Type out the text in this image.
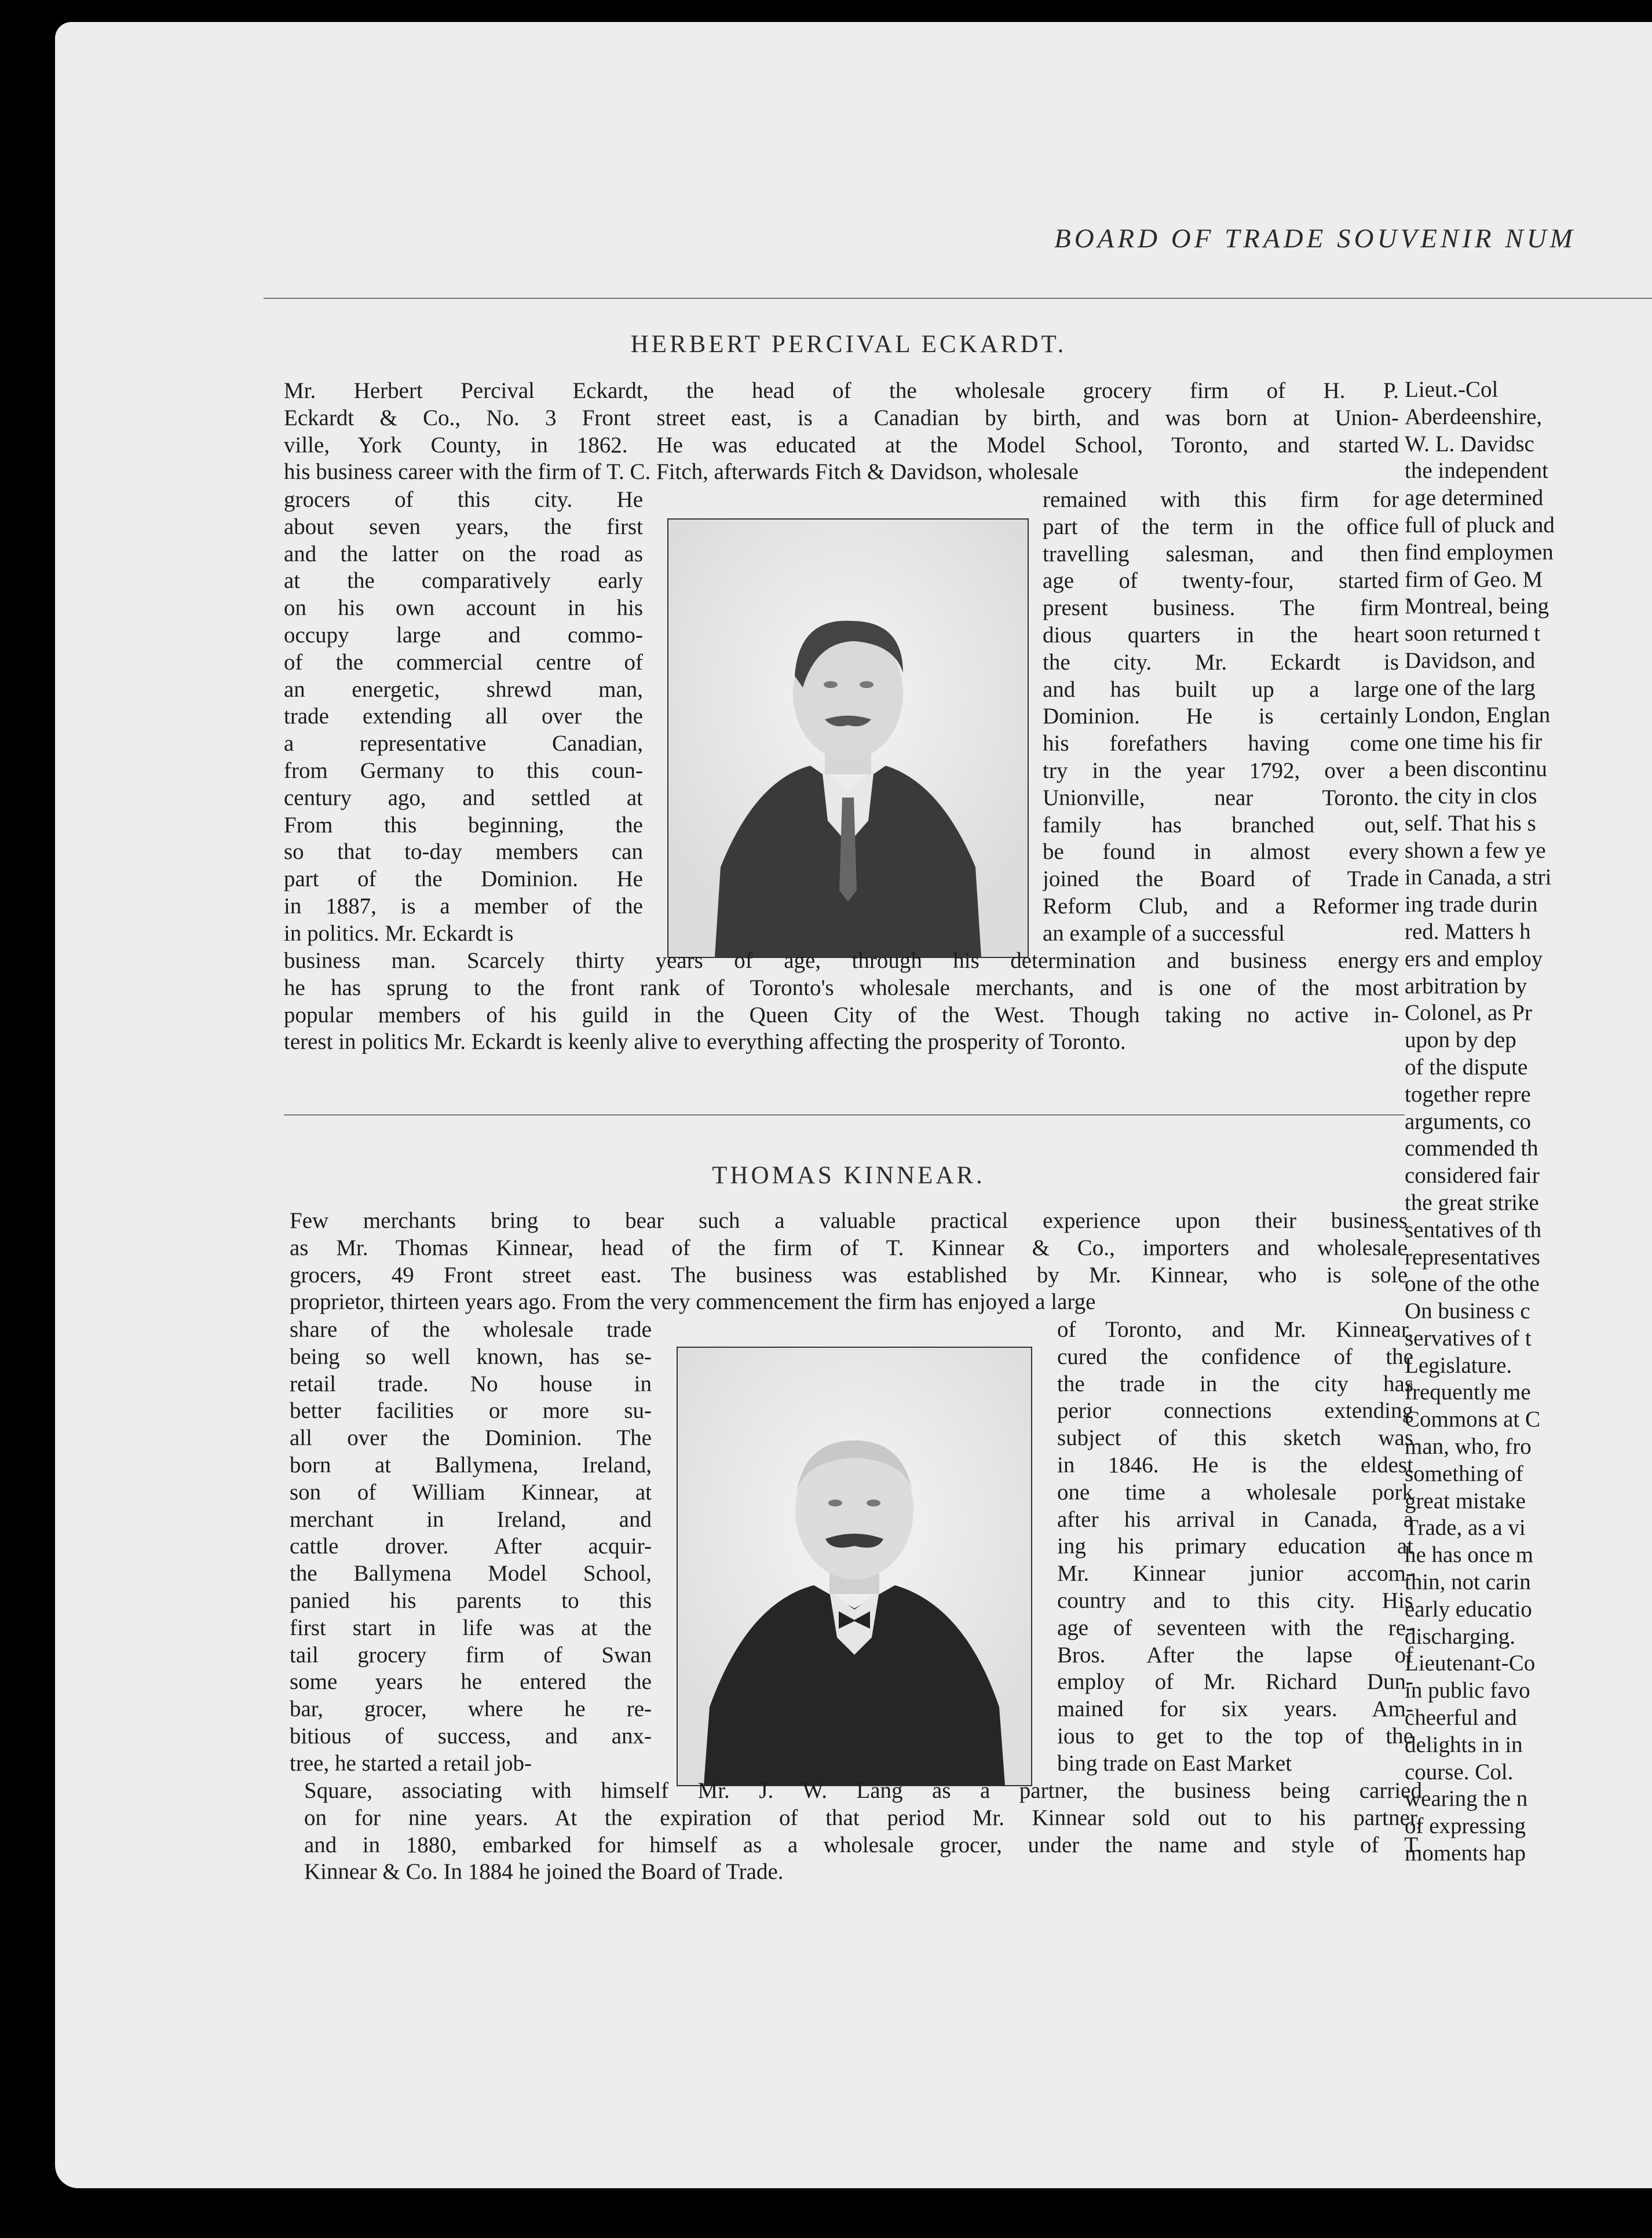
BOARD OF TRADE SOUVENIR NUM
HERBERT PERCIVAL ECKARDT.
Mr. Herbert Percival Eckardt, the head of the wholesale grocery firm of H. P.
Eckardt & Co., No. 3 Front street east, is a Canadian by birth, and was born at Union-
ville, York County, in 1862. He was educated at the Model School, Toronto, and started
his business career with the firm of T. C. Fitch, afterwards Fitch & Davidson, wholesale
grocers of this city. He
about seven years, the first
and the latter on the road as
at the comparatively early
on his own account in his
occupy large and commo-
of the commercial centre of
an energetic, shrewd man,
trade extending all over the
a representative Canadian,
from Germany to this coun-
century ago, and settled at
From this beginning, the
so that to-day members can
part of the Dominion. He
in 1887, is a member of the
in politics. Mr. Eckardt is
remained with this firm for
part of the term in the office
travelling salesman, and then
age of twenty-four, started
present business. The firm
dious quarters in the heart
the city. Mr. Eckardt is
and has built up a large
Dominion. He is certainly
his forefathers having come
try in the year 1792, over a
Unionville, near Toronto.
family has branched out,
be found in almost every
joined the Board of Trade
Reform Club, and a Reformer
an example of a successful
business man. Scarcely thirty years of age, through his determination and business energy
he has sprung to the front rank of Toronto's wholesale merchants, and is one of the most
popular members of his guild in the Queen City of the West. Though taking no active in-
terest in politics Mr. Eckardt is keenly alive to everything affecting the prosperity of Toronto.
THOMAS KINNEAR.
Few merchants bring to bear such a valuable practical experience upon their business
as Mr. Thomas Kinnear, head of the firm of T. Kinnear & Co., importers and wholesale
grocers, 49 Front street east. The business was established by Mr. Kinnear, who is sole
proprietor, thirteen years ago. From the very commencement the firm has enjoyed a large
share of the wholesale trade
being so well known, has se-
retail trade. No house in
better facilities or more su-
all over the Dominion. The
born at Ballymena, Ireland,
son of William Kinnear, at
merchant in Ireland, and
cattle drover. After acquir-
the Ballymena Model School,
panied his parents to this
first start in life was at the
tail grocery firm of Swan
some years he entered the
bar, grocer, where he re-
bitious of success, and anx-
tree, he started a retail job-
of Toronto, and Mr. Kinnear,
cured the confidence of the
the trade in the city has
perior connections extending
subject of this sketch was
in 1846. He is the eldest
one time a wholesale pork
after his arrival in Canada, a
ing his primary education at
Mr. Kinnear junior accom-
country and to this city. His
age of seventeen with the re-
Bros. After the lapse of
employ of Mr. Richard Dun-
mained for six years. Am-
ious to get to the top of the
bing trade on East Market
Square, associating with himself Mr. J. W. Lang as a partner, the business being carried
on for nine years. At the expiration of that period Mr. Kinnear sold out to his partner,
and in 1880, embarked for himself as a wholesale grocer, under the name and style of T.
Kinnear & Co. In 1884 he joined the Board of Trade.
Lieut.-Col
Aberdeenshire,
W. L. Davidsc
the independent
age determined
full of pluck and
find employmen
firm of Geo. M
Montreal, being
soon returned t
Davidson, and
one of the larg
London, Englan
one time his fir
been discontinu
the city in clos
self. That his s
shown a few ye
in Canada, a stri
ing trade durin
red. Matters h
ers and employ
arbitration by
Colonel, as Pr
upon by dep
of the dispute
together repre
arguments, co
commended th
considered fair
the great strike
sentatives of th
representatives
one of the othe
On business c
servatives of t
Legislature.
frequently me
Commons at C
man, who, fro
something of
great mistake
Trade, as a vi
he has once m
thin, not carin
early educatio
discharging.
Lieutenant-Co
in public favo
cheerful and
delights in in
course. Col.
wearing the n
of expressing
moments hap
